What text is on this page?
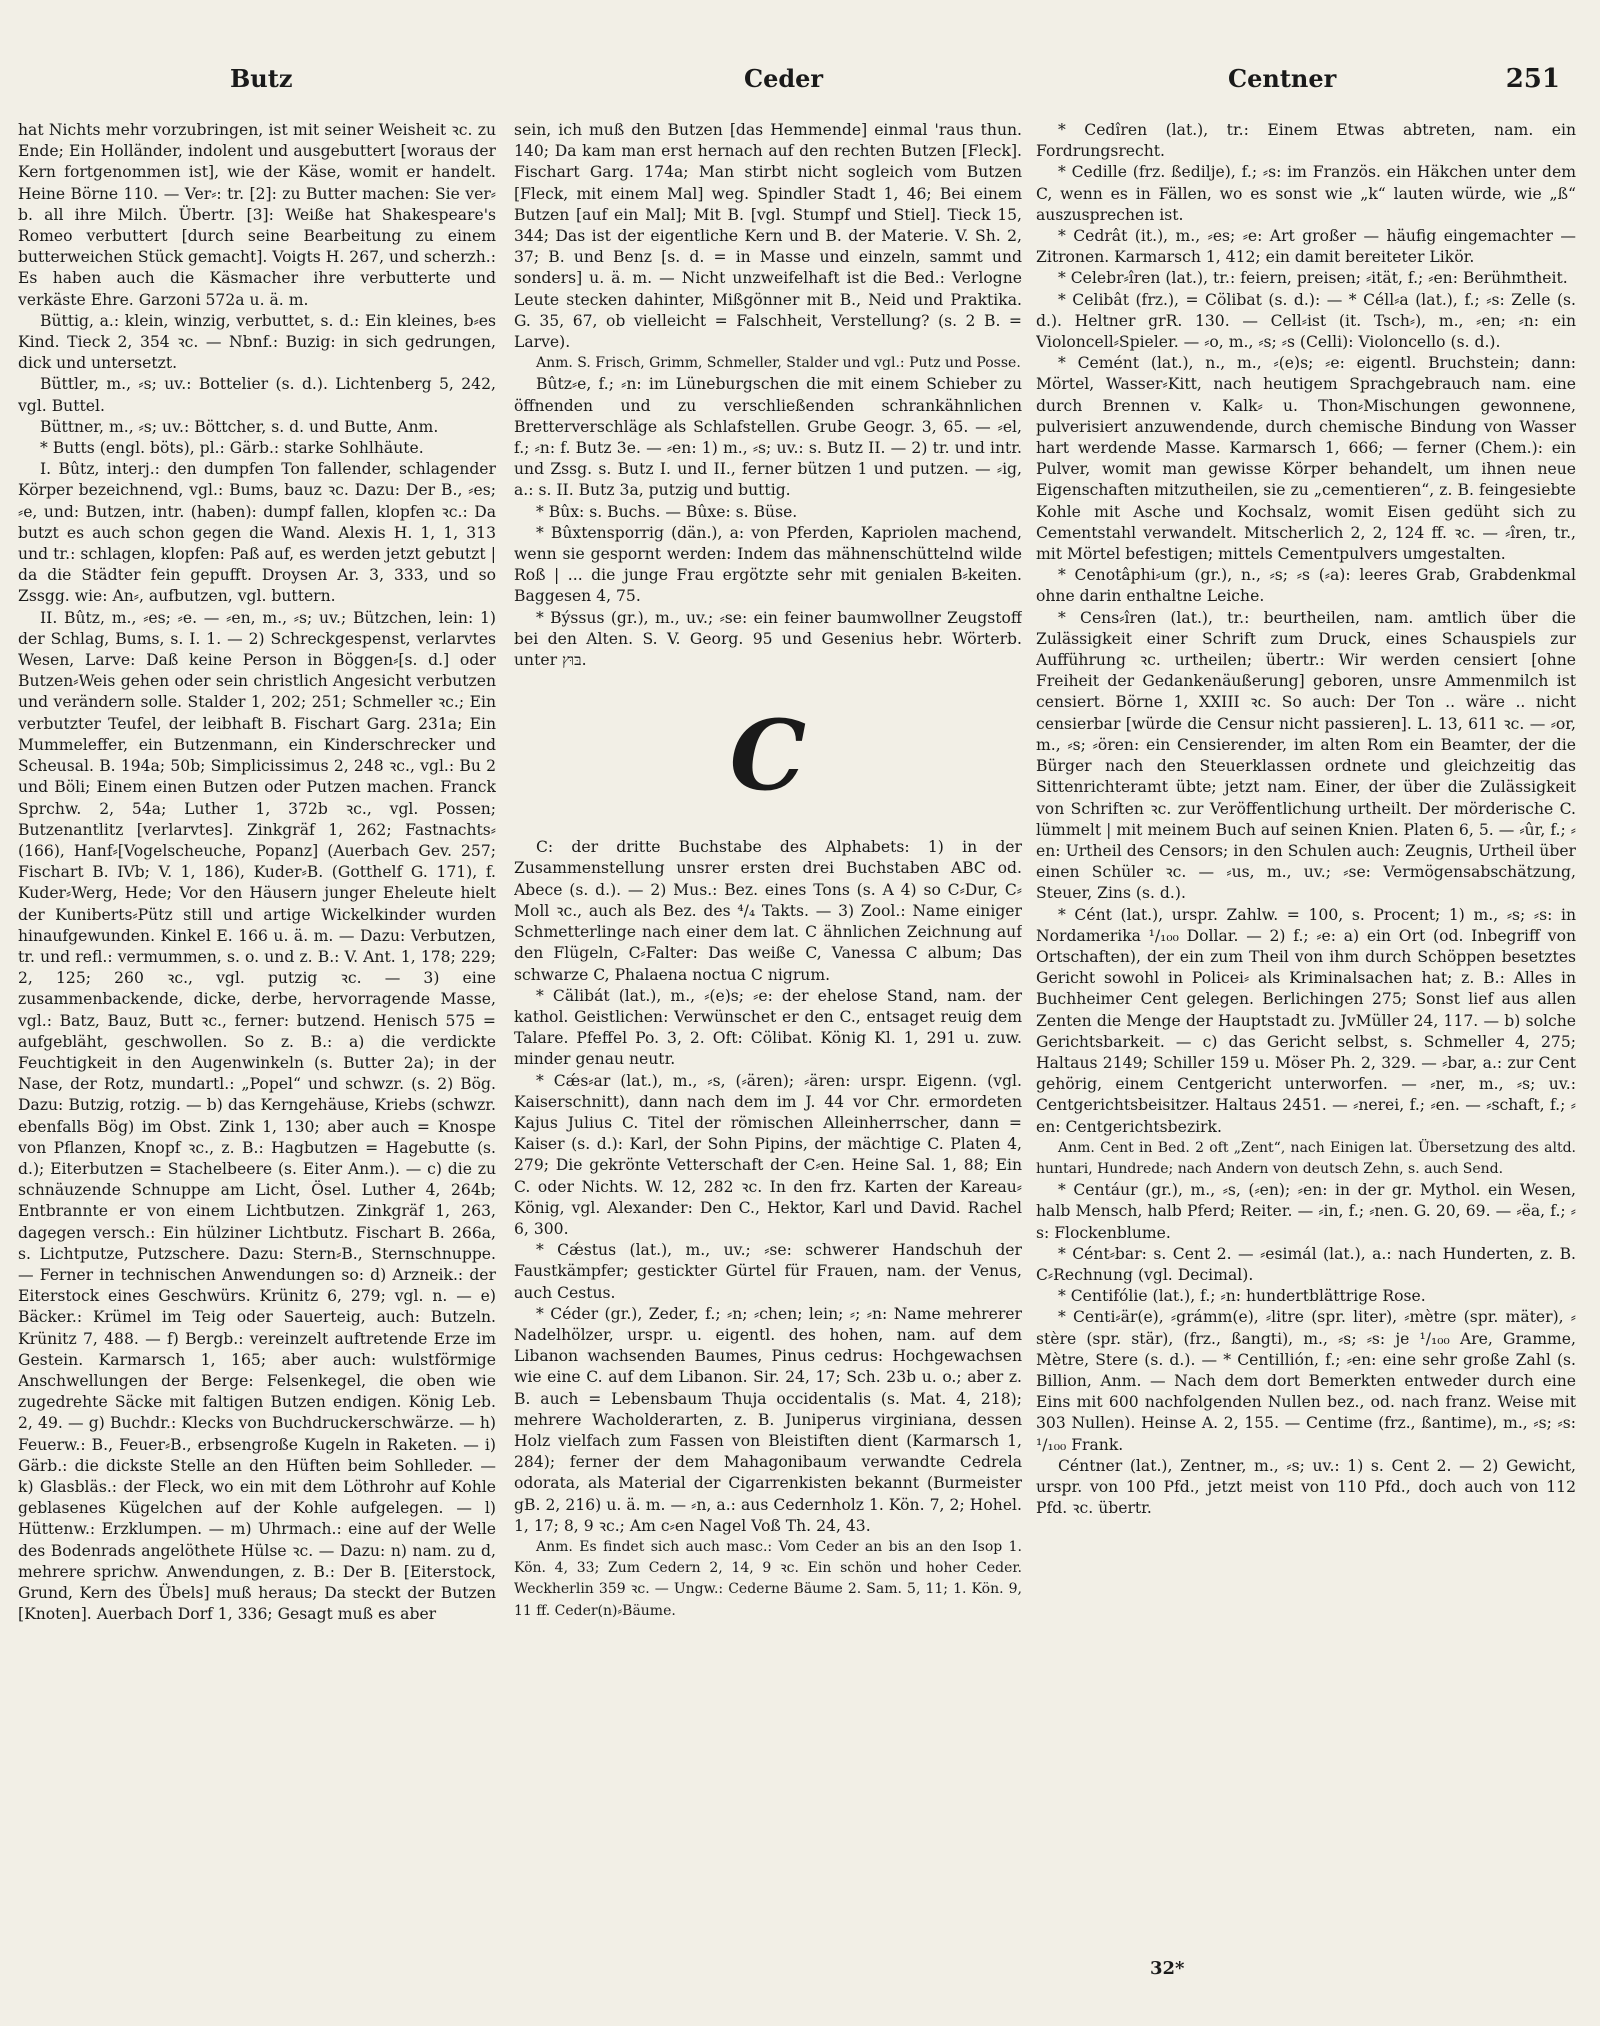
Butz	Ceder	Centner	251

hat Nichts mehr vorzubringen, ist mit seiner Weisheit ꝛc. zu Ende; Ein Holländer, indolent und ausgebuttert [woraus der Kern fortgenommen ist], wie der Käse, womit er handelt. Heine Börne 110. — Ver⸗: tr. [2]: zu Butter machen: Sie ver⸗b. all ihre Milch. Übertr. [3]: Weiße hat Shakespeare's Romeo verbuttert [durch seine Bearbeitung zu einem butterweichen Stück gemacht]. Voigts H. 267, und scherzh.: Es haben auch die Käsmacher ihre verbutterte und verkäste Ehre. Garzoni 572a u. ä. m.

Büttig, a.: klein, winzig, verbuttet, s. d.: Ein kleines, b⸗es Kind. Tieck 2, 354 ꝛc. — Nbnf.: Buzig: in sich gedrungen, dick und untersetzt.

Büttler, m., ⸗s; uv.: Bottelier (s. d.). Lichtenberg 5, 242, vgl. Buttel.

Büttner, m., ⸗s; uv.: Böttcher, s. d. und Butte, Anm.

* Butts (engl. böts), pl.: Gärb.: starke Sohlhäute.

I. Bûtz, interj.: den dumpfen Ton fallender, schlagender Körper bezeichnend, vgl.: Bums, bauz ꝛc. Dazu: Der B., ⸗es; ⸗e, und: Butzen, intr. (haben): dumpf fallen, klopfen ꝛc.: Da butzt es auch schon gegen die Wand. Alexis H. 1, 1, 313 und tr.: schlagen, klopfen: Paß auf, es werden jetzt gebutzt | da die Städter fein gepufft. Droysen Ar. 3, 333, und so Zssgg. wie: An⸗, aufbutzen, vgl. buttern.

II. Bûtz, m., ⸗es; ⸗e. — ⸗en, m., ⸗s; uv.; Bützchen, lein: 1) der Schlag, Bums, s. I. 1. — 2) Schreckgespenst, verlarvtes Wesen, Larve: Daß keine Person in Böggen⸗[s. d.] oder Butzen⸗Weis gehen oder sein christlich Angesicht verbutzen und verändern solle. Stalder 1, 202; 251; Schmeller ꝛc.; Ein verbutzter Teufel, der leibhaft B. Fischart Garg. 231a; Ein Mummeleffer, ein Butzenmann, ein Kinderschrecker und Scheusal. B. 194a; 50b; Simplicissimus 2, 248 ꝛc., vgl.: Bu 2 und Böli; Einem einen Butzen oder Putzen machen. Franck Sprchw. 2, 54a; Luther 1, 372b ꝛc., vgl. Possen; Butzenantlitz [verlarvtes]. Zinkgräf 1, 262; Fastnachts⸗(166), Hanf⸗[Vogelscheuche, Popanz] (Auerbach Gev. 257; Fischart B. IVb; V. 1, 186), Kuder⸗B. (Gotthelf G. 171), f. Kuder⸗Werg, Hede; Vor den Häusern junger Eheleute hielt der Kuniberts⸗Pütz still und artige Wickelkinder wurden hinaufgewunden. Kinkel E. 166 u. ä. m. — Dazu: Verbutzen, tr. und refl.: vermummen, s. o. und z. B.: V. Ant. 1, 178; 229; 2, 125; 260 ꝛc., vgl. putzig ꝛc. — 3) eine zusammenbackende, dicke, derbe, hervorragende Masse, vgl.: Batz, Bauz, Butt ꝛc., ferner: butzend. Henisch 575 = aufgebläht, geschwollen. So z. B.: a) die verdickte Feuchtigkeit in den Augenwinkeln (s. Butter 2a); in der Nase, der Rotz, mundartl.: „Popel“ und schwzr. (s. 2) Bög. Dazu: Butzig, rotzig. — b) das Kerngehäuse, Kriebs (schwzr. ebenfalls Bög) im Obst. Zink 1, 130; aber auch = Knospe von Pflanzen, Knopf ꝛc., z. B.: Hagbutzen = Hagebutte (s. d.); Eiterbutzen = Stachelbeere (s. Eiter Anm.). — c) die zu schnäuzende Schnuppe am Licht, Ösel. Luther 4, 264b; Entbrannte er von einem Lichtbutzen. Zinkgräf 1, 263, dagegen versch.: Ein hülziner Lichtbutz. Fischart B. 266a, s. Lichtputze, Putzschere. Dazu: Stern⸗B., Sternschnuppe. — Ferner in technischen Anwendungen so: d) Arzneik.: der Eiterstock eines Geschwürs. Krünitz 6, 279; vgl. n. — e) Bäcker.: Krümel im Teig oder Sauerteig, auch: Butzeln. Krünitz 7, 488. — f) Bergb.: vereinzelt auftretende Erze im Gestein. Karmarsch 1, 165; aber auch: wulstförmige Anschwellungen der Berge: Felsenkegel, die oben wie zugedrehte Säcke mit faltigen Butzen endigen. König Leb. 2, 49. — g) Buchdr.: Klecks von Buchdruckerschwärze. — h) Feuerw.: B., Feuer⸗B., erbsengroße Kugeln in Raketen. — i) Gärb.: die dickste Stelle an den Hüften beim Sohlleder. — k) Glasbläs.: der Fleck, wo ein mit dem Löthrohr auf Kohle geblasenes Kügelchen auf der Kohle aufgelegen. — l) Hüttenw.: Erzklumpen. — m) Uhrmach.: eine auf der Welle des Bodenrads angelöthete Hülse ꝛc. — Dazu: n) nam. zu d, mehrere sprichw. Anwendungen, z. B.: Der B. [Eiterstock, Grund, Kern des Übels] muß heraus; Da steckt der Butzen [Knoten]. Auerbach Dorf 1, 336; Gesagt muß es aber

sein, ich muß den Butzen [das Hemmende] einmal 'raus thun. 140; Da kam man erst hernach auf den rechten Butzen [Fleck]. Fischart Garg. 174a; Man stirbt nicht sogleich vom Butzen [Fleck, mit einem Mal] weg. Spindler Stadt 1, 46; Bei einem Butzen [auf ein Mal]; Mit B. [vgl. Stumpf und Stiel]. Tieck 15, 344; Das ist der eigentliche Kern und B. der Materie. V. Sh. 2, 37; B. und Benz [s. d. = in Masse und einzeln, sammt und sonders] u. ä. m. — Nicht unzweifelhaft ist die Bed.: Verlogne Leute stecken dahinter, Mißgönner mit B., Neid und Praktika. G. 35, 67, ob vielleicht = Falschheit, Verstellung? (s. 2 B. = Larve).

Anm. S. Frisch, Grimm, Schmeller, Stalder und vgl.: Putz und Posse.

Bûtz⸗e, f.; ⸗n: im Lüneburgschen die mit einem Schieber zu öffnenden und zu verschließenden schrankähnlichen Bretterverschläge als Schlafstellen. Grube Geogr. 3, 65. — ⸗el, f.; ⸗n: f. Butz 3e. — ⸗en: 1) m., ⸗s; uv.: s. Butz II. — 2) tr. und intr. und Zssg. s. Butz I. und II., ferner bützen 1 und putzen. — ⸗ig, a.: s. II. Butz 3a, putzig und buttig.

* Bûx: s. Buchs. — Bûxe: s. Büse.

* Bûxtensporrig (dän.), a: von Pferden, Kapriolen machend, wenn sie gespornt werden: Indem das mähnenschüttelnd wilde Roß | ... die junge Frau ergötzte sehr mit genialen B⸗keiten. Baggesen 4, 75.

* Býssus (gr.), m., uv.; ⸗se: ein feiner baumwollner Zeugstoff bei den Alten. S. V. Georg. 95 und Gesenius hebr. Wörterb. unter בּוּץ.

C

C: der dritte Buchstabe des Alphabets: 1) in der Zusammenstellung unsrer ersten drei Buchstaben ABC od. Abece (s. d.). — 2) Mus.: Bez. eines Tons (s. A 4) so C⸗Dur, C⸗Moll ꝛc., auch als Bez. des ⁴/₄ Takts. — 3) Zool.: Name einiger Schmetterlinge nach einer dem lat. C ähnlichen Zeichnung auf den Flügeln, C⸗Falter: Das weiße C, Vanessa C album; Das schwarze C, Phalaena noctua C nigrum.

* Cälibát (lat.), m., ⸗(e)s; ⸗e: der ehelose Stand, nam. der kathol. Geistlichen: Verwünschet er den C., entsaget reuig dem Talare. Pfeffel Po. 3, 2. Oft: Cölibat. König Kl. 1, 291 u. zuw. minder genau neutr.

* Cǽs⸗ar (lat.), m., ⸗s, (⸗ären); ⸗ären: urspr. Eigenn. (vgl. Kaiserschnitt), dann nach dem im J. 44 vor Chr. ermordeten Kajus Julius C. Titel der römischen Alleinherrscher, dann = Kaiser (s. d.): Karl, der Sohn Pipins, der mächtige C. Platen 4, 279; Die gekrönte Vetterschaft der C⸗en. Heine Sal. 1, 88; Ein C. oder Nichts. W. 12, 282 ꝛc. In den frz. Karten der Kareau⸗König, vgl. Alexander: Den C., Hektor, Karl und David. Rachel 6, 300.

* Cǽstus (lat.), m., uv.; ⸗se: schwerer Handschuh der Faustkämpfer; gestickter Gürtel für Frauen, nam. der Venus, auch Cestus.

* Céder (gr.), Zeder, f.; ⸗n; ⸗chen; lein; ⸗; ⸗n: Name mehrerer Nadelhölzer, urspr. u. eigentl. des hohen, nam. auf dem Libanon wachsenden Baumes, Pinus cedrus: Hochgewachsen wie eine C. auf dem Libanon. Sir. 24, 17; Sch. 23b u. o.; aber z. B. auch = Lebensbaum Thuja occidentalis (s. Mat. 4, 218); mehrere Wacholderarten, z. B. Juniperus virginiana, dessen Holz vielfach zum Fassen von Bleistiften dient (Karmarsch 1, 284); ferner der dem Mahagonibaum verwandte Cedrela odorata, als Material der Cigarrenkisten bekannt (Burmeister gB. 2, 216) u. ä. m. — ⸗n, a.: aus Cedernholz 1. Kön. 7, 2; Hohel. 1, 17; 8, 9 ꝛc.; Am c⸗en Nagel Voß Th. 24, 43.

Anm. Es findet sich auch masc.: Vom Ceder an bis an den Isop 1. Kön. 4, 33; Zum Cedern 2, 14, 9 ꝛc. Ein schön und hoher Ceder. Weckherlin 359 ꝛc. — Ungw.: Cederne Bäume 2. Sam. 5, 11; 1. Kön. 9, 11 ff. Ceder(n)⸗Bäume.

* Cedîren (lat.), tr.: Einem Etwas abtreten, nam. ein Fordrungsrecht.

* Cedille (frz. ßedilje), f.; ⸗s: im Französ. ein Häkchen unter dem C, wenn es in Fällen, wo es sonst wie „k“ lauten würde, wie „ß“ auszusprechen ist.

* Cedrât (it.), m., ⸗es; ⸗e: Art großer — häufig eingemachter — Zitronen. Karmarsch 1, 412; ein damit bereiteter Likör.

* Celebr⸗îren (lat.), tr.: feiern, preisen; ⸗ität, f.; ⸗en: Berühmtheit.

* Celibât (frz.), = Cölibat (s. d.): — * Céll⸗a (lat.), f.; ⸗s: Zelle (s. d.). Heltner grR. 130. — Cell⸗ist (it. Tsch⸗), m., ⸗en; ⸗n: ein Violoncell⸗Spieler. — ⸗o, m., ⸗s; ⸗s (Celli): Violoncello (s. d.).

* Cemént (lat.), n., m., ⸗(e)s; ⸗e: eigentl. Bruchstein; dann: Mörtel, Wasser⸗Kitt, nach heutigem Sprachgebrauch nam. eine durch Brennen v. Kalk⸗ u. Thon⸗Mischungen gewonnene, pulverisiert anzuwendende, durch chemische Bindung von Wasser hart werdende Masse. Karmarsch 1, 666; — ferner (Chem.): ein Pulver, womit man gewisse Körper behandelt, um ihnen neue Eigenschaften mitzutheilen, sie zu „cementieren“, z. B. feingesiebte Kohle mit Asche und Kochsalz, womit Eisen gedüht sich zu Cementstahl verwandelt. Mitscherlich 2, 2, 124 ff. ꝛc. — ⸗îren, tr., mit Mörtel befestigen; mittels Cementpulvers umgestalten.

* Cenotâphi⸗um (gr.), n., ⸗s; ⸗s (⸗a): leeres Grab, Grabdenkmal ohne darin enthaltne Leiche.

* Cens⸗îren (lat.), tr.: beurtheilen, nam. amtlich über die Zulässigkeit einer Schrift zum Druck, eines Schauspiels zur Aufführung ꝛc. urtheilen; übertr.: Wir werden censiert [ohne Freiheit der Gedankenäußerung] geboren, unsre Ammenmilch ist censiert. Börne 1, XXIII ꝛc. So auch: Der Ton .. wäre .. nicht censierbar [würde die Censur nicht passieren]. L. 13, 611 ꝛc. — ⸗or, m., ⸗s; ⸗ören: ein Censierender, im alten Rom ein Beamter, der die Bürger nach den Steuerklassen ordnete und gleichzeitig das Sittenrichteramt übte; jetzt nam. Einer, der über die Zulässigkeit von Schriften ꝛc. zur Veröffentlichung urtheilt. Der mörderische C. lümmelt | mit meinem Buch auf seinen Knien. Platen 6, 5. — ⸗ûr, f.; ⸗en: Urtheil des Censors; in den Schulen auch: Zeugnis, Urtheil über einen Schüler ꝛc. — ⸗us, m., uv.; ⸗se: Vermögensabschätzung, Steuer, Zins (s. d.).

* Cént (lat.), urspr. Zahlw. = 100, s. Procent; 1) m., ⸗s; ⸗s: in Nordamerika ¹/₁₀₀ Dollar. — 2) f.; ⸗e: a) ein Ort (od. Inbegriff von Ortschaften), der ein zum Theil von ihm durch Schöppen besetztes Gericht sowohl in Policei⸗ als Kriminalsachen hat; z. B.: Alles in Buchheimer Cent gelegen. Berlichingen 275; Sonst lief aus allen Zenten die Menge der Hauptstadt zu. JvMüller 24, 117. — b) solche Gerichtsbarkeit. — c) das Gericht selbst, s. Schmeller 4, 275; Haltaus 2149; Schiller 159 u. Möser Ph. 2, 329. — ⸗bar, a.: zur Cent gehörig, einem Centgericht unterworfen. — ⸗ner, m., ⸗s; uv.: Centgerichtsbeisitzer. Haltaus 2451. — ⸗nerei, f.; ⸗en. — ⸗schaft, f.; ⸗en: Centgerichtsbezirk.

Anm. Cent in Bed. 2 oft „Zent“, nach Einigen lat. Übersetzung des altd. huntari, Hundrede; nach Andern von deutsch Zehn, s. auch Send.

* Centáur (gr.), m., ⸗s, (⸗en); ⸗en: in der gr. Mythol. ein Wesen, halb Mensch, halb Pferd; Reiter. — ⸗in, f.; ⸗nen. G. 20, 69. — ⸗ëa, f.; ⸗s: Flockenblume.

* Cént⸗bar: s. Cent 2. — ⸗esimál (lat.), a.: nach Hunderten, z. B. C⸗Rechnung (vgl. Decimal).

* Centifólie (lat.), f.; ⸗n: hundertblättrige Rose.

* Centi⸗är(e), ⸗grámm(e), ⸗litre (spr. liter), ⸗mètre (spr. mäter), ⸗stère (spr. stär), (frz., ßangti), m., ⸗s; ⸗s: je ¹/₁₀₀ Are, Gramme, Mètre, Stere (s. d.). — * Centillión, f.; ⸗en: eine sehr große Zahl (s. Billion, Anm. — Nach dem dort Bemerkten entweder durch eine Eins mit 600 nachfolgenden Nullen bez., od. nach franz. Weise mit 303 Nullen). Heinse A. 2, 155. — Centime (frz., ßantime), m., ⸗s; ⸗s: ¹/₁₀₀ Frank.

Céntner (lat.), Zentner, m., ⸗s; uv.: 1) s. Cent 2. — 2) Gewicht, urspr. von 100 Pfd., jetzt meist von 110 Pfd., doch auch von 112 Pfd. ꝛc. übertr.

32*
